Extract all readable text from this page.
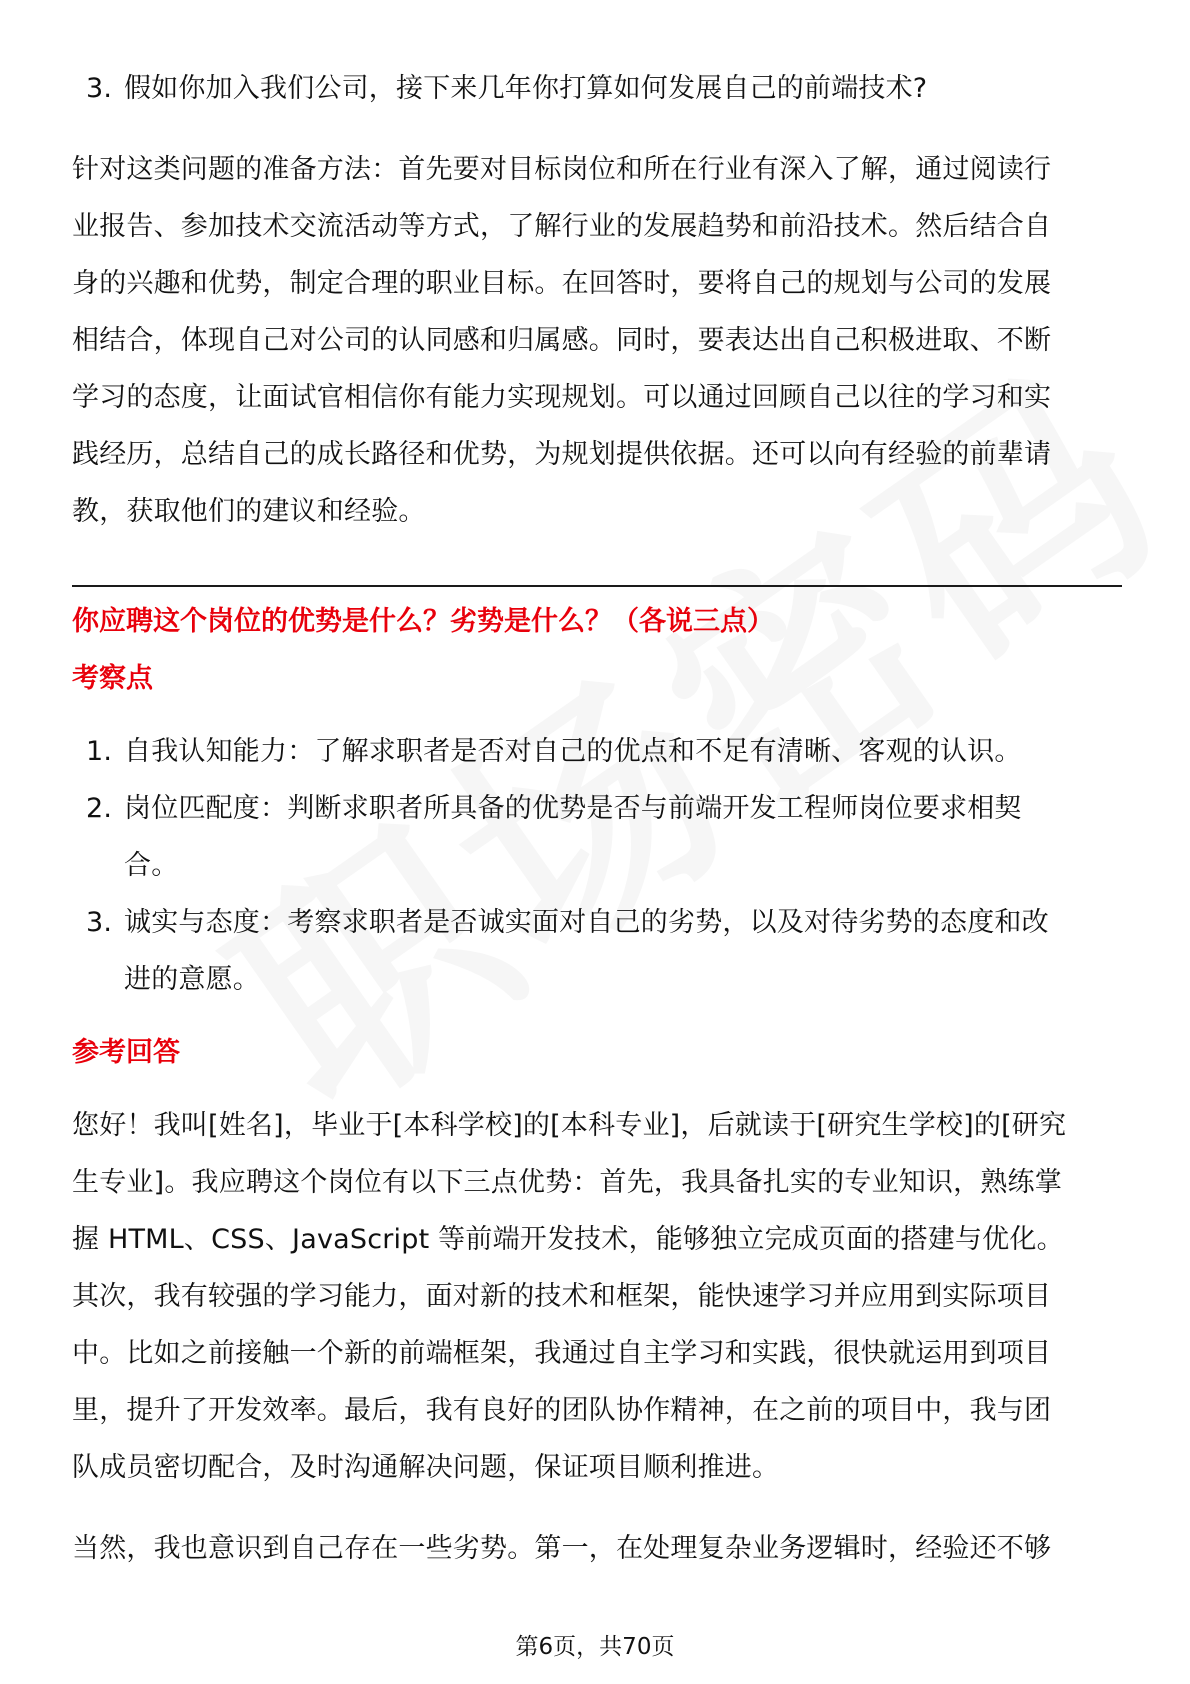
3. 假如你加入我们公司，接下来几年你打算如何发展自己的前端技术?

针对这类问题的准备方法：首先要对目标岗位和所在行业有深入了解，通过阅读行

业报告、参加技术交流活动等方式，了解行业的发展趋势和前沿技术。然后结合自

身的兴趣和优势，制定合理的职业目标。在回答时，要将自己的规划与公司的发展

相结合，体现自己对公司的认同感和归属感。同时，要表达出自己积极进取、不断

学习的态度，让面试官相信你有能力实现规划。可以通过回顾自己以往的学习和实

践经历，总结自己的成长路径和优势，为规划提供依据。还可以向有经验的前辈请

教，获取他们的建议和经验。

你应聘这个岗位的优势是什么？劣势是什么？（各说三点）
考察点
1. 自我认知能力：了解求职者是否对自己的优点和不足有清晰、客观的认识。
2. 岗位匹配度：判断求职者所具备的优势是否与前端开发工程师岗位要求相契
合。
3. 诚实与态度：考察求职者是否诚实面对自己的劣势，以及对待劣势的态度和改
进的意愿。
参考回答

您好！我叫[姓名]，毕业于[本科学校]的[本科专业]，后就读于[研究生学校]的[研究

生专业]。我应聘这个岗位有以下三点优势：首先，我具备扎实的专业知识，熟练掌

握 HTML、CSS、JavaScript 等前端开发技术，能够独立完成页面的搭建与优化。

其次，我有较强的学习能力，面对新的技术和框架，能快速学习并应用到实际项目

中。比如之前接触一个新的前端框架，我通过自主学习和实践，很快就运用到项目

里，提升了开发效率。最后，我有良好的团队协作精神，在之前的项目中，我与团

队成员密切配合，及时沟通解决问题，保证项目顺利推进。

当然，我也意识到自己存在一些劣势。第一，在处理复杂业务逻辑时，经验还不够

第6页，共70页
